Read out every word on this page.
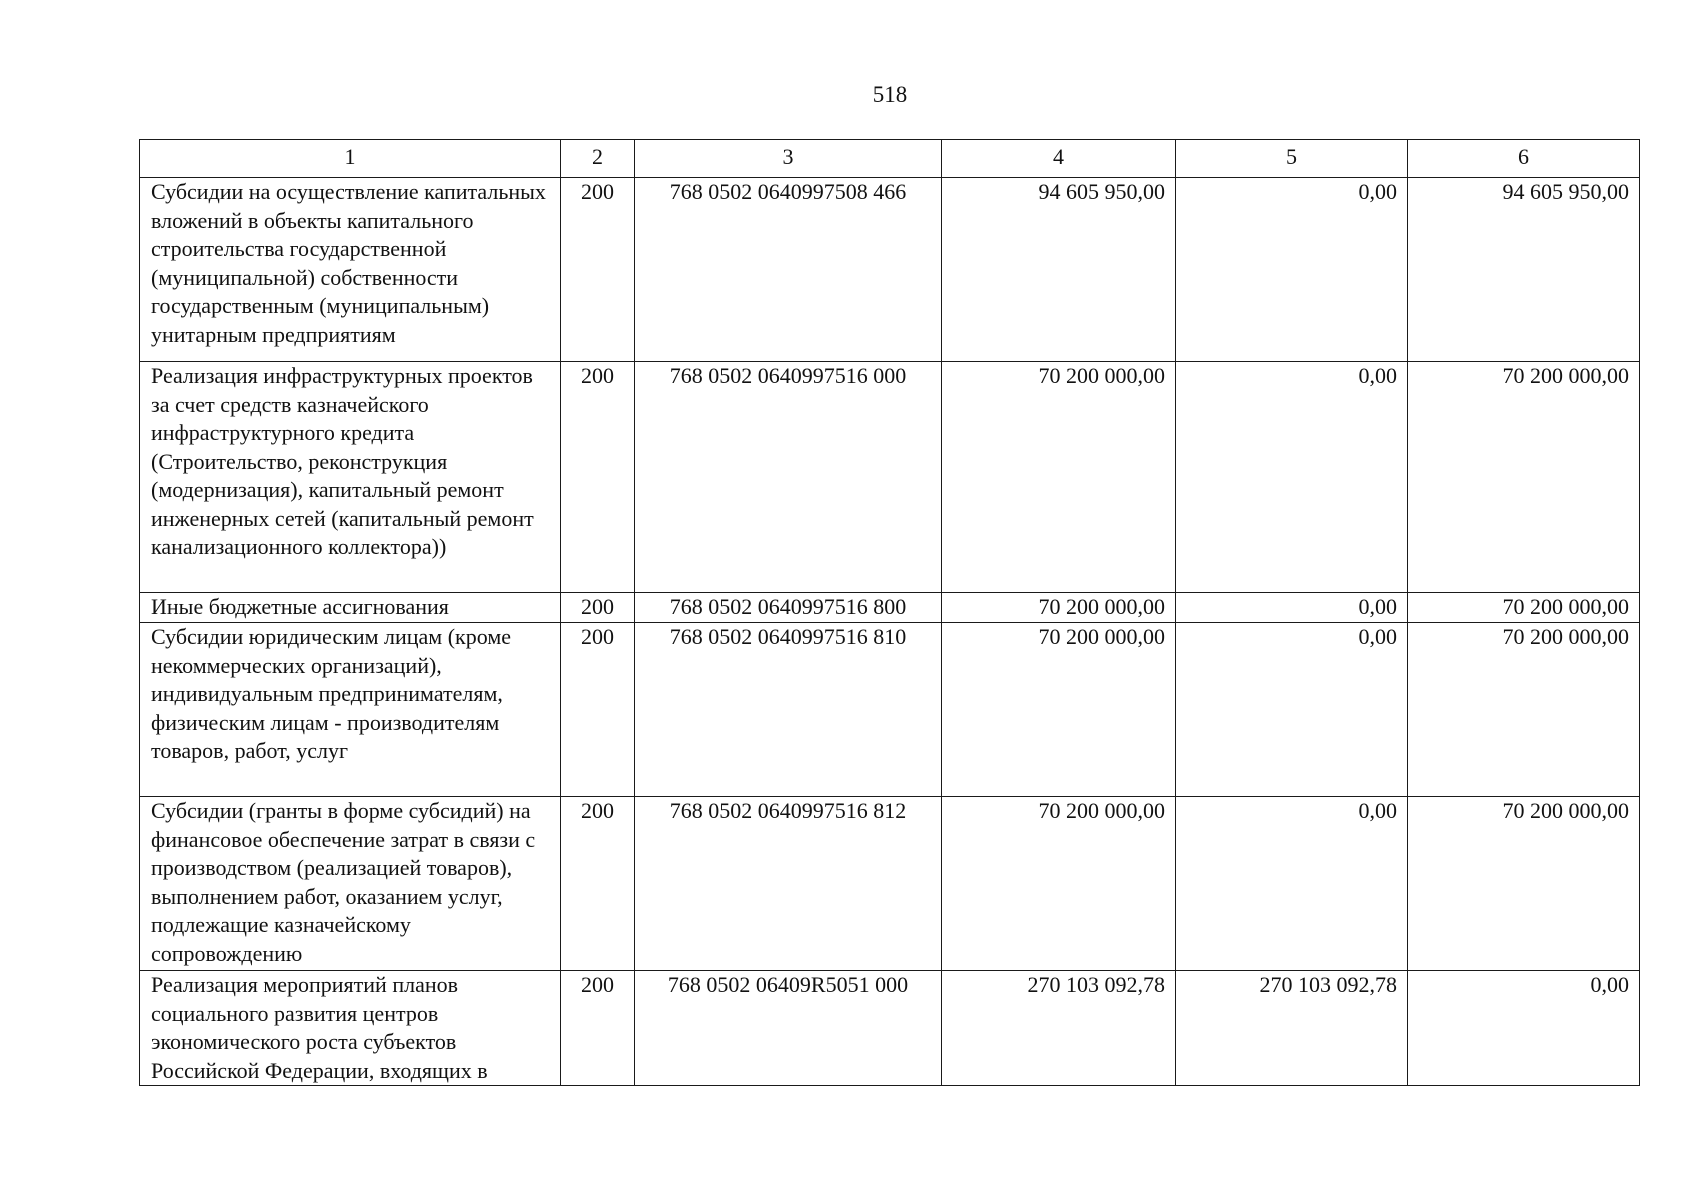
518
1	2	3	4	5	6
Субсидии на осуществление капитальных вложений в объекты капитального строительства государственной (муниципальной) собственности государственным (муниципальным) унитарным предприятиям	200	768 0502 0640997508 466	94 605 950,00	0,00	94 605 950,00
Реализация инфраструктурных проектов за счет средств казначейского инфраструктурного кредита (Строительство, реконструкция (модернизация), капитальный ремонт инженерных сетей (капитальный ремонт канализационного коллектора))	200	768 0502 0640997516 000	70 200 000,00	0,00	70 200 000,00
Иные бюджетные ассигнования	200	768 0502 0640997516 800	70 200 000,00	0,00	70 200 000,00
Субсидии юридическим лицам (кроме некоммерческих организаций), индивидуальным предпринимателям, физическим лицам - производителям товаров, работ, услуг	200	768 0502 0640997516 810	70 200 000,00	0,00	70 200 000,00
Субсидии (гранты в форме субсидий) на финансовое обеспечение затрат в связи с производством (реализацией товаров), выполнением работ, оказанием услуг, подлежащие казначейскому сопровождению	200	768 0502 0640997516 812	70 200 000,00	0,00	70 200 000,00
Реализация мероприятий планов социального развития центров экономического роста субъектов Российской Федерации, входящих в	200	768 0502 06409R5051 000	270 103 092,78	270 103 092,78	0,00
